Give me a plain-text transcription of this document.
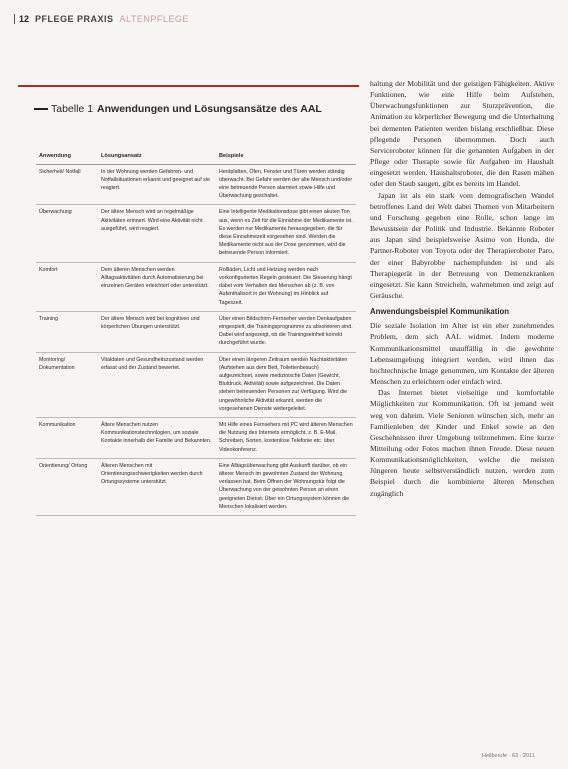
12 PFLEGE PRAXIS ALTENPFLEGE
Tabelle 1 Anwendungen und Lösungsansätze des AAL
Anwendung	Lösungsansatz	Beispiele
Sicherheit/ Notfall	In der Wohnung werden Gefahren- und Notfallsituationen erkannt und geeignet auf sie reagiert.	Herdplatten, Öfen, Fenster und Türen werden ständig überwacht. Bei Gefahr werden der alte Mensch und/oder eine betreuende Person alarmiert sowie Hilfe und Überwachung geschaltet.
Überwachung	Der ältere Mensch wird an regelmäßige Aktivitäten erinnert. Wird eine Aktivität nicht ausgeführt, wird reagiert.	Eine Intelligente Medikationsdose gibt einen akuten Ton aus, wenn es Zeit für die Einnahme der Medikamente ist. Es werden nur Medikamente herausgegeben, die für diese Einnahmezeit vorgesehen sind. Werden die Medikamente nicht aus der Dose genommen, wird die betreuende Person informiert.
Komfort	Dem älteren Menschen werden Alltagsaktivitäten durch Automatisierung bei einzelnen Geräten erleichtert oder unterstützt.	Rollläden, Licht und Heizung werden nach vorkonfigurierten Regeln gesteuert. Die Steuerung hängt dabei vom Verhalten des Menschen ab (z. B. von Aufenthaltsort in der Wohnung) im Hinblick auf Tageszeit.
Training	Der ältere Mensch wird bei kognitiven und körperlichen Übungen unterstützt.	Über einen Bildschirm-Fernseher werden Denkaufgaben eingespielt, die Trainingsprogramme zu absolvieren sind. Dabei wird angezeigt, ob die Trainingseinheit korrekt durchgeführt wurde.
Monitoring/ Dokumentation	Vitaldaten und Gesundheitszustand werden erfasst und der Zustand bewertet.	Über einen längeren Zeitraum werden Nachtaktivitäten (Aufstehen aus dem Bett, Toilettenbesuch) aufgezeichnet, sowie medizinische Daten (Gewicht, Blutdruck, Aktivität) sowie aufgezeichnet. Die Daten stehen betreuenden Personen zur Verfügung. Wird die ungewöhnliche Aktivität erkannt, werden die vorgesehenen Dienste weitergeleitet.
Kommunikation	Ältere Menschen nutzen Kommunikationstechnologien, um soziale Kontakte innerhalb der Familie und Bekannten.	Mit Hilfe eines Fernsehers mit PC wird älteren Menschen die Nutzung des Internets ermöglicht, z. B. E-Mail, Schreiben, Sorten, kostenlose Telefonie etc. über Videokonferenz.
Orientierung/ Ortung	Älteren Menschen mit Orientierungsschwierigkeiten werden durch Ortungssysteme unterstützt.	Eine Alltagsüberwachung gibt Auskunft darüber, ob ein älterer Mensch im gewohnten Zustand der Wohnung verlassen hat. Beim Öffnen der Wohnungstür folgt die Überwachung von der gewohnten Person an einen geeigneten Dienst. Über ein Ortungssystem können die Menschen lokalisiert werden.

haltung der Mobilität und der geistigen Fähigkeiten. Aktive Funktionen, wie eine Hilfe beim Aufstehen, Überwachungsfunktionen zur Sturzprävention, die Animation zu körperlicher Bewegung und die Unterhaltung bei dementen Patienten werden bislang erschließbar. Diese pflegende Personen übernommen. Doch auch Serviceroboter können für die genannten Aufgaben in der Pflege oder Therapie sowie für Aufgaben im Haushalt eingesetzt werden. Haushaltsroboter, die den Rasen mähen oder den Staub saugen, gibt es bereits im Handel.

Japan ist als ein stark vom demografischen Wandel betroffenes Land der Welt dabei Themen von Mitarbeitern und Forschung gegeben eine Rolle, schon lange im Bewusstsein der Politik und Industrie. Bekannte Roboter aus Japan sind beispielsweise Asimo von Honda, die Partner-Roboter von Toyota oder der Therapieroboter Paro, der einer Babyrobbe nachempfunden ist und als Therapiegerät in der Betreuung von Demenzkranken eingesetzt. Sie kann Streicheln, wahrnehmen und zeigt auf Geräusche.

Anwendungsbeispiel Kommunikation

Die soziale Isolation im Alter ist ein eher zunehmendes Problem, dem sich AAL widmet. Indem moderne Kommunikationsmittel unauffällig in die gewohnte Lebensumgebung integriert werden, wird ihnen das hochtechnische Image genommen, um Kontakte der älteren Menschen zu erleichtern oder einfach wird.

Das Internet bietet vielseitige und komfortable Möglichkeiten zur Kommunikation. Oft ist jemand weit weg von daheim. Viele Senioren wünschen sich, mehr an Familienleben der Kinder und Enkel sowie an den Geschehnissen ihrer Umgebung teilzunehmen. Eine kurze Mitteilung oder Fotos machen ihnen Freude. Diese neuen Kommunikationsmöglichkeiten, welche die meisten Jüngeren heute selbstverständlich nutzen, werden zum Beispiel durch die kombinierte älteren Menschen zugänglich

Heilberufe · 63 · 2011
